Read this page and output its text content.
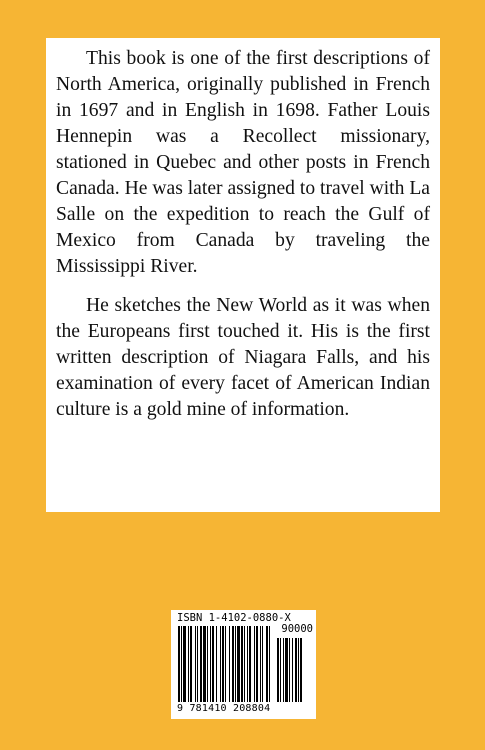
This book is one of the first descriptions of North America, originally published in French in 1697 and in English in 1698. Father Louis Hennepin was a Recollect missionary, stationed in Quebec and other posts in French Canada. He was later assigned to travel with La Salle on the expedition to reach the Gulf of Mexico from Canada by traveling the Mississippi River.

He sketches the New World as it was when the Europeans first touched it. His is the first written description of Niagara Falls, and his examination of every facet of American Indian culture is a gold mine of information.

ISBN 1-4102-0880-X
90000
9 781410 208804
